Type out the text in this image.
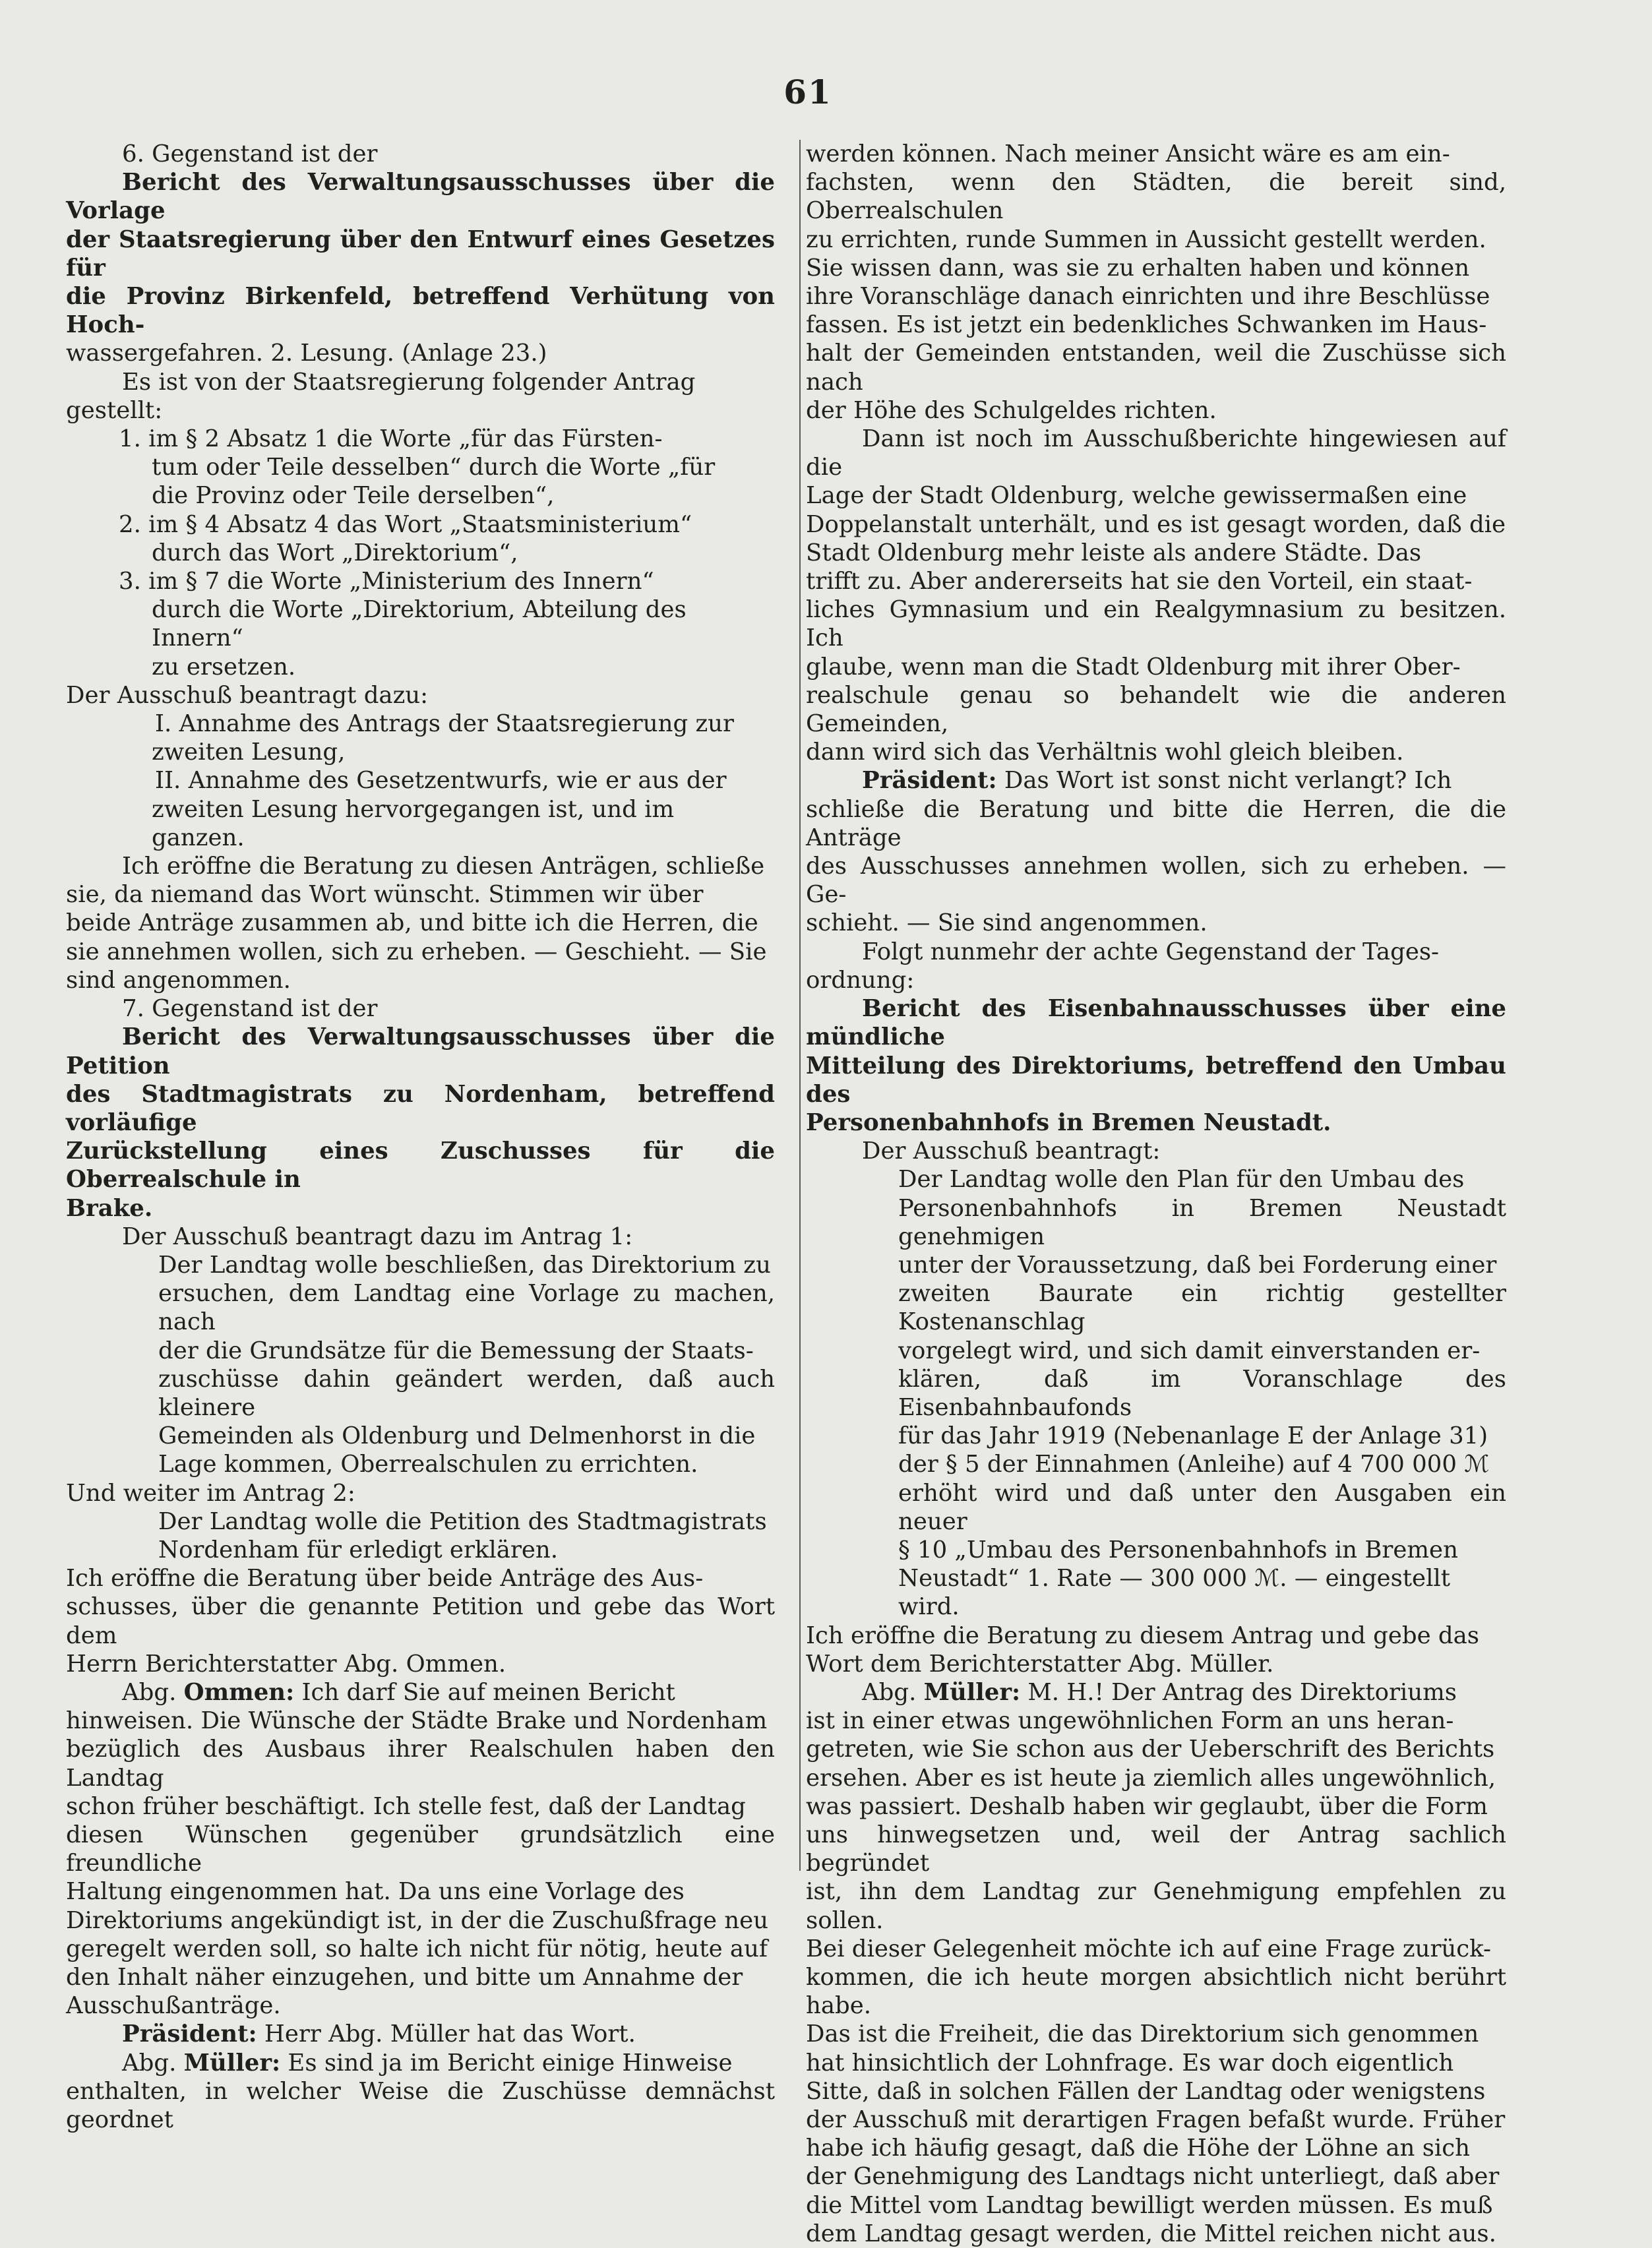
61

6. Gegenstand ist der

Bericht des Verwaltungsausschusses über die Vorlage

der Staatsregierung über den Entwurf eines Gesetzes für

die Provinz Birkenfeld, betreffend Verhütung von Hoch-

wassergefahren. 2. Lesung. (Anlage 23.)

Es ist von der Staatsregierung folgender Antrag

gestellt:

1. im § 2 Absatz 1 die Worte „für das Fürsten-

tum oder Teile desselben“ durch die Worte „für

die Provinz oder Teile derselben“,

2. im § 4 Absatz 4 das Wort „Staatsministerium“

durch das Wort „Direktorium“,

3. im § 7 die Worte „Ministerium des Innern“

durch die Worte „Direktorium, Abteilung des

Innern“

zu ersetzen.

Der Ausschuß beantragt dazu:

I. Annahme des Antrags der Staatsregierung zur

zweiten Lesung,

II. Annahme des Gesetzentwurfs, wie er aus der

zweiten Lesung hervorgegangen ist, und im

ganzen.

Ich eröffne die Beratung zu diesen Anträgen, schließe

sie, da niemand das Wort wünscht. Stimmen wir über

beide Anträge zusammen ab, und bitte ich die Herren, die

sie annehmen wollen, sich zu erheben. — Geschieht. — Sie

sind angenommen.

7. Gegenstand ist der

Bericht des Verwaltungsausschusses über die Petition

des Stadtmagistrats zu Nordenham, betreffend vorläufige

Zurückstellung eines Zuschusses für die Oberrealschule in

Brake.

Der Ausschuß beantragt dazu im Antrag 1:

Der Landtag wolle beschließen, das Direktorium zu

ersuchen, dem Landtag eine Vorlage zu machen, nach

der die Grundsätze für die Bemessung der Staats-

zuschüsse dahin geändert werden, daß auch kleinere

Gemeinden als Oldenburg und Delmenhorst in die

Lage kommen, Oberrealschulen zu errichten.

Und weiter im Antrag 2:

Der Landtag wolle die Petition des Stadtmagistrats

Nordenham für erledigt erklären.

Ich eröffne die Beratung über beide Anträge des Aus-

schusses, über die genannte Petition und gebe das Wort dem

Herrn Berichterstatter Abg. Ommen.

Abg. Ommen: Ich darf Sie auf meinen Bericht

hinweisen. Die Wünsche der Städte Brake und Nordenham

bezüglich des Ausbaus ihrer Realschulen haben den Landtag

schon früher beschäftigt. Ich stelle fest, daß der Landtag

diesen Wünschen gegenüber grundsätzlich eine freundliche

Haltung eingenommen hat. Da uns eine Vorlage des

Direktoriums angekündigt ist, in der die Zuschußfrage neu

geregelt werden soll, so halte ich nicht für nötig, heute auf

den Inhalt näher einzugehen, und bitte um Annahme der

Ausschußanträge.

Präsident: Herr Abg. Müller hat das Wort.

Abg. Müller: Es sind ja im Bericht einige Hinweise

enthalten, in welcher Weise die Zuschüsse demnächst geordnet

werden können. Nach meiner Ansicht wäre es am ein-

fachsten, wenn den Städten, die bereit sind, Oberrealschulen

zu errichten, runde Summen in Aussicht gestellt werden.

Sie wissen dann, was sie zu erhalten haben und können

ihre Voranschläge danach einrichten und ihre Beschlüsse

fassen. Es ist jetzt ein bedenkliches Schwanken im Haus-

halt der Gemeinden entstanden, weil die Zuschüsse sich nach

der Höhe des Schulgeldes richten.

Dann ist noch im Ausschußberichte hingewiesen auf die

Lage der Stadt Oldenburg, welche gewissermaßen eine

Doppelanstalt unterhält, und es ist gesagt worden, daß die

Stadt Oldenburg mehr leiste als andere Städte. Das

trifft zu. Aber andererseits hat sie den Vorteil, ein staat-

liches Gymnasium und ein Realgymnasium zu besitzen. Ich

glaube, wenn man die Stadt Oldenburg mit ihrer Ober-

realschule genau so behandelt wie die anderen Gemeinden,

dann wird sich das Verhältnis wohl gleich bleiben.

Präsident: Das Wort ist sonst nicht verlangt? Ich

schließe die Beratung und bitte die Herren, die die Anträge

des Ausschusses annehmen wollen, sich zu erheben. — Ge-

schieht. — Sie sind angenommen.

Folgt nunmehr der achte Gegenstand der Tages-

ordnung:

Bericht des Eisenbahnausschusses über eine mündliche

Mitteilung des Direktoriums, betreffend den Umbau des

Personenbahnhofs in Bremen Neustadt.

Der Ausschuß beantragt:

Der Landtag wolle den Plan für den Umbau des

Personenbahnhofs in Bremen Neustadt genehmigen

unter der Voraussetzung, daß bei Forderung einer

zweiten Baurate ein richtig gestellter Kostenanschlag

vorgelegt wird, und sich damit einverstanden er-

klären, daß im Voranschlage des Eisenbahnbaufonds

für das Jahr 1919 (Nebenanlage E der Anlage 31)

der § 5 der Einnahmen (Anleihe) auf 4 700 000 ℳ

erhöht wird und daß unter den Ausgaben ein neuer

§ 10 „Umbau des Personenbahnhofs in Bremen

Neustadt“ 1. Rate — 300 000 ℳ. — eingestellt

wird.

Ich eröffne die Beratung zu diesem Antrag und gebe das

Wort dem Berichterstatter Abg. Müller.

Abg. Müller: M. H.! Der Antrag des Direktoriums

ist in einer etwas ungewöhnlichen Form an uns heran-

getreten, wie Sie schon aus der Ueberschrift des Berichts

ersehen. Aber es ist heute ja ziemlich alles ungewöhnlich,

was passiert. Deshalb haben wir geglaubt, über die Form

uns hinwegsetzen und, weil der Antrag sachlich begründet

ist, ihn dem Landtag zur Genehmigung empfehlen zu sollen.

Bei dieser Gelegenheit möchte ich auf eine Frage zurück-

kommen, die ich heute morgen absichtlich nicht berührt habe.

Das ist die Freiheit, die das Direktorium sich genommen

hat hinsichtlich der Lohnfrage. Es war doch eigentlich

Sitte, daß in solchen Fällen der Landtag oder wenigstens

der Ausschuß mit derartigen Fragen befaßt wurde. Früher

habe ich häufig gesagt, daß die Höhe der Löhne an sich

der Genehmigung des Landtags nicht unterliegt, daß aber

die Mittel vom Landtag bewilligt werden müssen. Es muß

dem Landtag gesagt werden, die Mittel reichen nicht aus.
